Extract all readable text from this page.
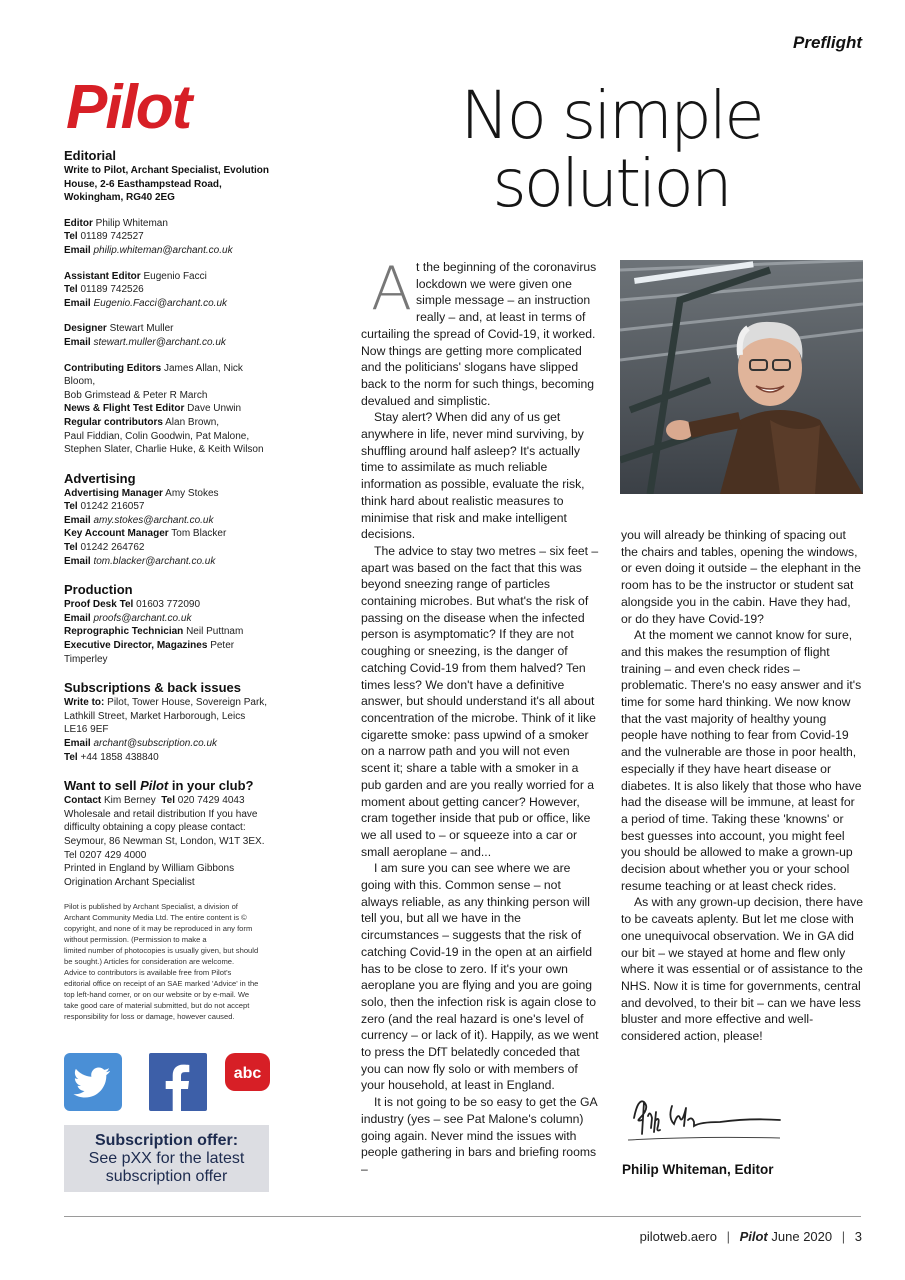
Preflight
Pilot
Editorial
Write to Pilot, Archant Specialist, Evolution
House, 2-6 Easthampstead Road,
Wokingham, RG40 2EG
Editor Philip Whiteman
Tel 01189 742527
Email philip.whiteman@archant.co.uk
Assistant Editor Eugenio Facci
Tel 01189 742526
Email Eugenio.Facci@archant.co.uk
Designer Stewart Muller
Email stewart.muller@archant.co.uk
Contributing Editors James Allan, Nick Bloom,
Bob Grimstead & Peter R March
News & Flight Test Editor Dave Unwin
Regular contributors Alan Brown,
Paul Fiddian, Colin Goodwin, Pat Malone,
Stephen Slater, Charlie Huke, & Keith Wilson
Advertising
Advertising Manager Amy Stokes
Tel 01242 216057
Email amy.stokes@archant.co.uk
Key Account Manager Tom Blacker
Tel 01242 264762
Email tom.blacker@archant.co.uk
Production
Proof Desk Tel 01603 772090
Email proofs@archant.co.uk
Reprographic Technician Neil Puttnam
Executive Director, Magazines Peter Timperley
Subscriptions & back issues
Write to: Pilot, Tower House, Sovereign Park,
Lathkill Street, Market Harborough, Leics
LE16 9EF
Email archant@subscription.co.uk
Tel +44 1858 438840
Want to sell Pilot in your club?
Contact Kim Berney Tel 020 7429 4043
Wholesale and retail distribution If you have
difficulty obtaining a copy please contact:
Seymour, 86 Newman St, London, W1T 3EX.
Tel 0207 429 4000
Printed in England by William Gibbons
Origination Archant Specialist
Pilot is published by Archant Specialist, a division of
Archant Community Media Ltd. The entire content is ©
copyright, and none of it may be reproduced in any form
without permission. (Permission to make a
limited number of photocopies is usually given, but should
be sought.) Articles for consideration are welcome.
Advice to contributors is available free from Pilot's
editorial office on receipt of an SAE marked 'Advice' in the
top left-hand corner, or on our website or by e-mail. We
take good care of material submitted, but do not accept
responsibility for loss or damage, however caused.
abc
Subscription offer:
See pXX for the latest
subscription offer
No simple
solution

At the beginning of the coronavirus lockdown we were given one simple message – an instruction really – and, at least in terms of curtailing the spread of Covid-19, it worked. Now things are getting more complicated and the politicians' slogans have slipped back to the norm for such things, becoming devalued and simplistic.

Stay alert? When did any of us get anywhere in life, never mind surviving, by shuffling around half asleep? It's actually time to assimilate as much reliable information as possible, evaluate the risk, think hard about realistic measures to minimise that risk and make intelligent decisions.

The advice to stay two metres – six feet – apart was based on the fact that this was beyond sneezing range of particles containing microbes. But what's the risk of passing on the disease when the infected person is asymptomatic? If they are not coughing or sneezing, is the danger of catching Covid-19 from them halved? Ten times less? We don't have a definitive answer, but should understand it's all about concentration of the microbe. Think of it like cigarette smoke: pass upwind of a smoker on a narrow path and you will not even scent it; share a table with a smoker in a pub garden and are you really worried for a moment about getting cancer? However, cram together inside that pub or office, like we all used to – or squeeze into a car or small aeroplane – and...

I am sure you can see where we are going with this. Common sense – not always reliable, as any thinking person will tell you, but all we have in the circumstances – suggests that the risk of catching Covid-19 in the open at an airfield has to be close to zero. If it's your own aeroplane you are flying and you are going solo, then the infection risk is again close to zero (and the real hazard is one's level of currency – or lack of it). Happily, as we went to press the DfT belatedly conceded that you can now fly solo or with members of your household, at least in England.

It is not going to be so easy to get the GA industry (yes – see Pat Malone's column) going again. Never mind the issues with people gathering in bars and briefing rooms –

you will already be thinking of spacing out the chairs and tables, opening the windows, or even doing it outside – the elephant in the room has to be the instructor or student sat alongside you in the cabin. Have they had, or do they have Covid-19?

At the moment we cannot know for sure, and this makes the resumption of flight training – and even check rides – problematic. There's no easy answer and it's time for some hard thinking. We now know that the vast majority of healthy young people have nothing to fear from Covid-19 and the vulnerable are those in poor health, especially if they have heart disease or diabetes. It is also likely that those who have had the disease will be immune, at least for a period of time. Taking these 'knowns' or best guesses into account, you might feel you should be allowed to make a grown-up decision about whether you or your school resume teaching or at least check rides.

As with any grown-up decision, there have to be caveats aplenty. But let me close with one unequivocal observation. We in GA did our bit – we stayed at home and flew only where it was essential or of assistance to the NHS. Now it is time for governments, central and devolved, to their bit – can we have less bluster and more effective and well-considered action, please!

Philip Whiteman, Editor
pilotweb.aero | Pilot June 2020 | 3
